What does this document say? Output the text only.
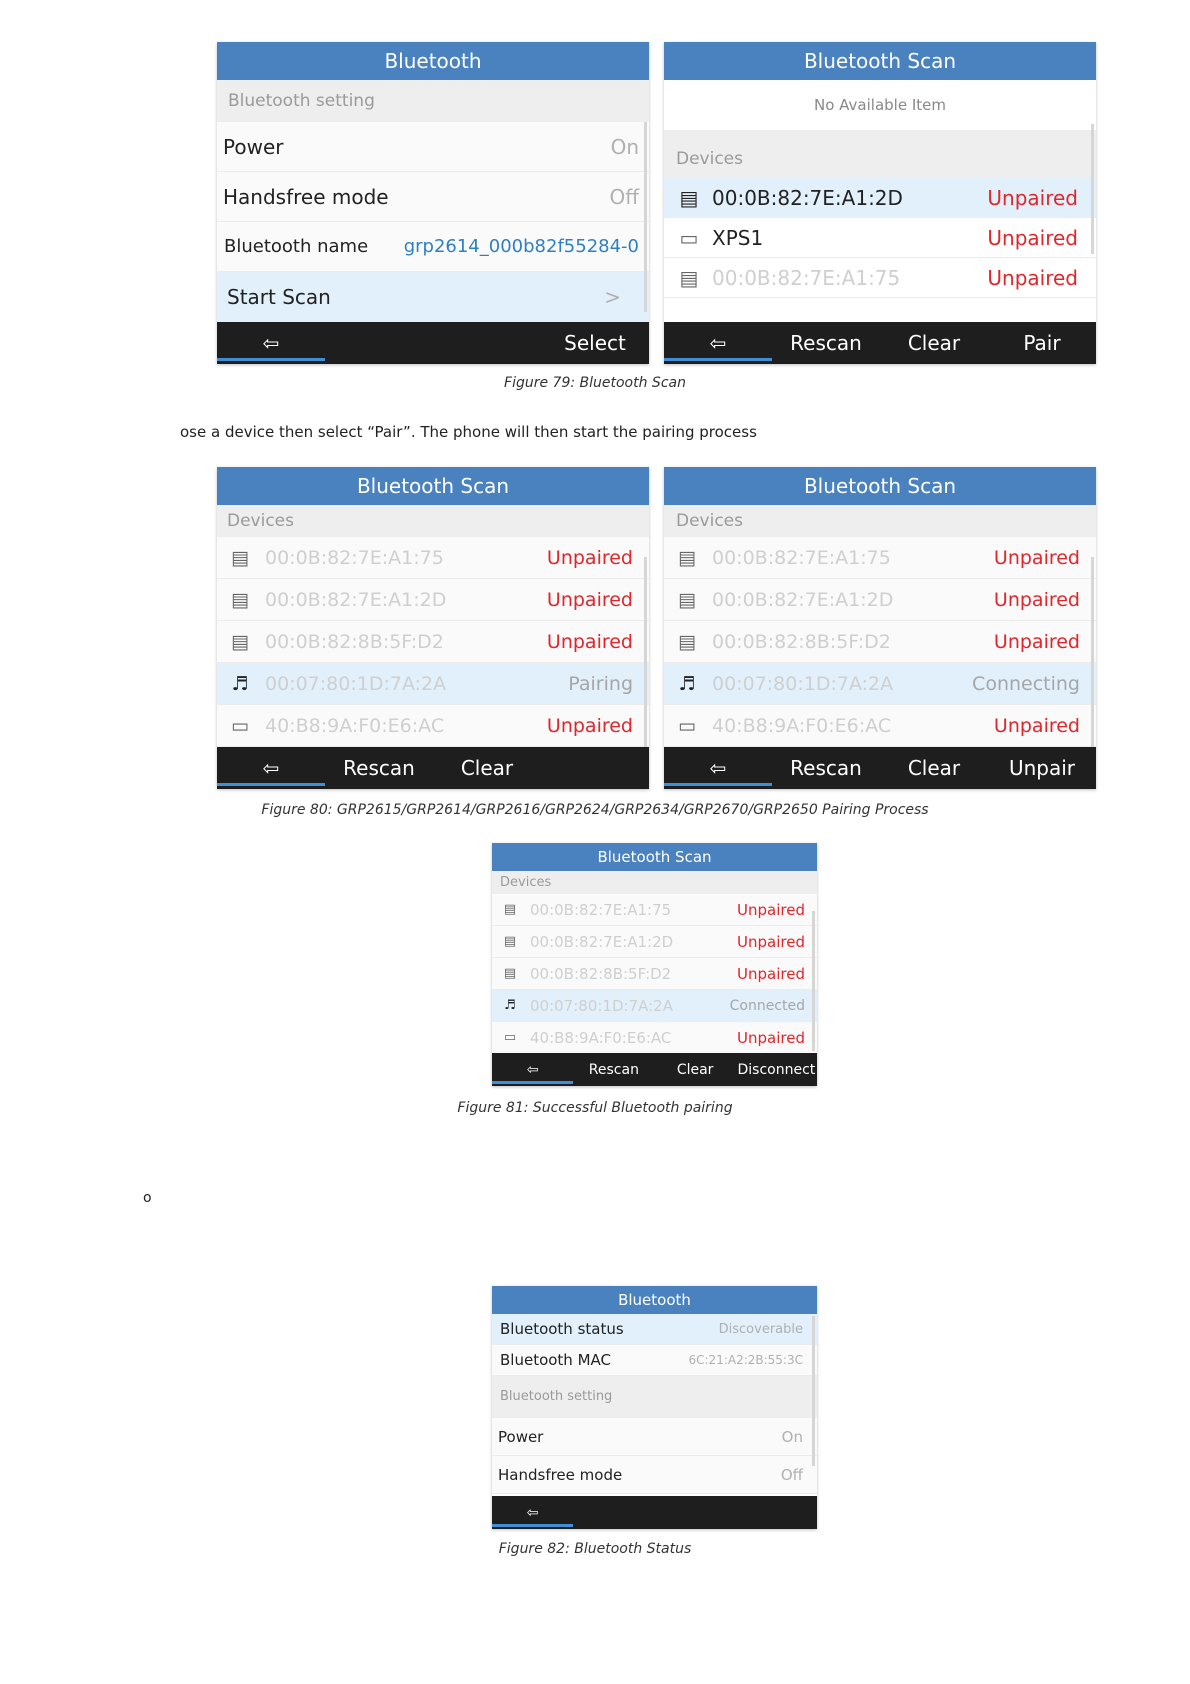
Bluetooth
Bluetooth setting
Power	On
Handsfree mode	Off
Bluetooth name	grp2614_000b82f55284-0
Start Scan	>
⇦	Select
Bluetooth Scan
No Available Item
Devices
▤ 00:0B:82:7E:A1:2D	Unpaired
▭ XPS1	Unpaired
▤ 00:0B:82:7E:A1:75	Unpaired
⇦	Rescan	Clear	Pair
Figure 79: Bluetooth Scan
ose a device then select “Pair”. The phone will then start the pairing process
Bluetooth Scan
Devices
▤ 00:0B:82:7E:A1:75	Unpaired
▤ 00:0B:82:7E:A1:2D	Unpaired
▤ 00:0B:82:8B:5F:D2	Unpaired
♬ 00:07:80:1D:7A:2A	Pairing
▭ 40:B8:9A:F0:E6:AC	Unpaired
⇦	Rescan	Clear
Bluetooth Scan
Devices
▤ 00:0B:82:7E:A1:75	Unpaired
▤ 00:0B:82:7E:A1:2D	Unpaired
▤ 00:0B:82:8B:5F:D2	Unpaired
♬ 00:07:80:1D:7A:2A	Connecting
▭ 40:B8:9A:F0:E6:AC	Unpaired
⇦	Rescan	Clear	Unpair
Figure 80: GRP2615/GRP2614/GRP2616/GRP2624/GRP2634/GRP2670/GRP2650 Pairing Process
Bluetooth Scan
Devices
▤ 00:0B:82:7E:A1:75	Unpaired
▤ 00:0B:82:7E:A1:2D	Unpaired
▤ 00:0B:82:8B:5F:D2	Unpaired
♬ 00:07:80:1D:7A:2A	Connected
▭ 40:B8:9A:F0:E6:AC	Unpaired
⇦	Rescan	Clear	Disconnect
Figure 81: Successful Bluetooth pairing
o
Bluetooth
Bluetooth status	Discoverable
Bluetooth MAC	6C:21:A2:2B:55:3C
Bluetooth setting
Power	On
Handsfree mode	Off
⇦
Figure 82: Bluetooth Status
